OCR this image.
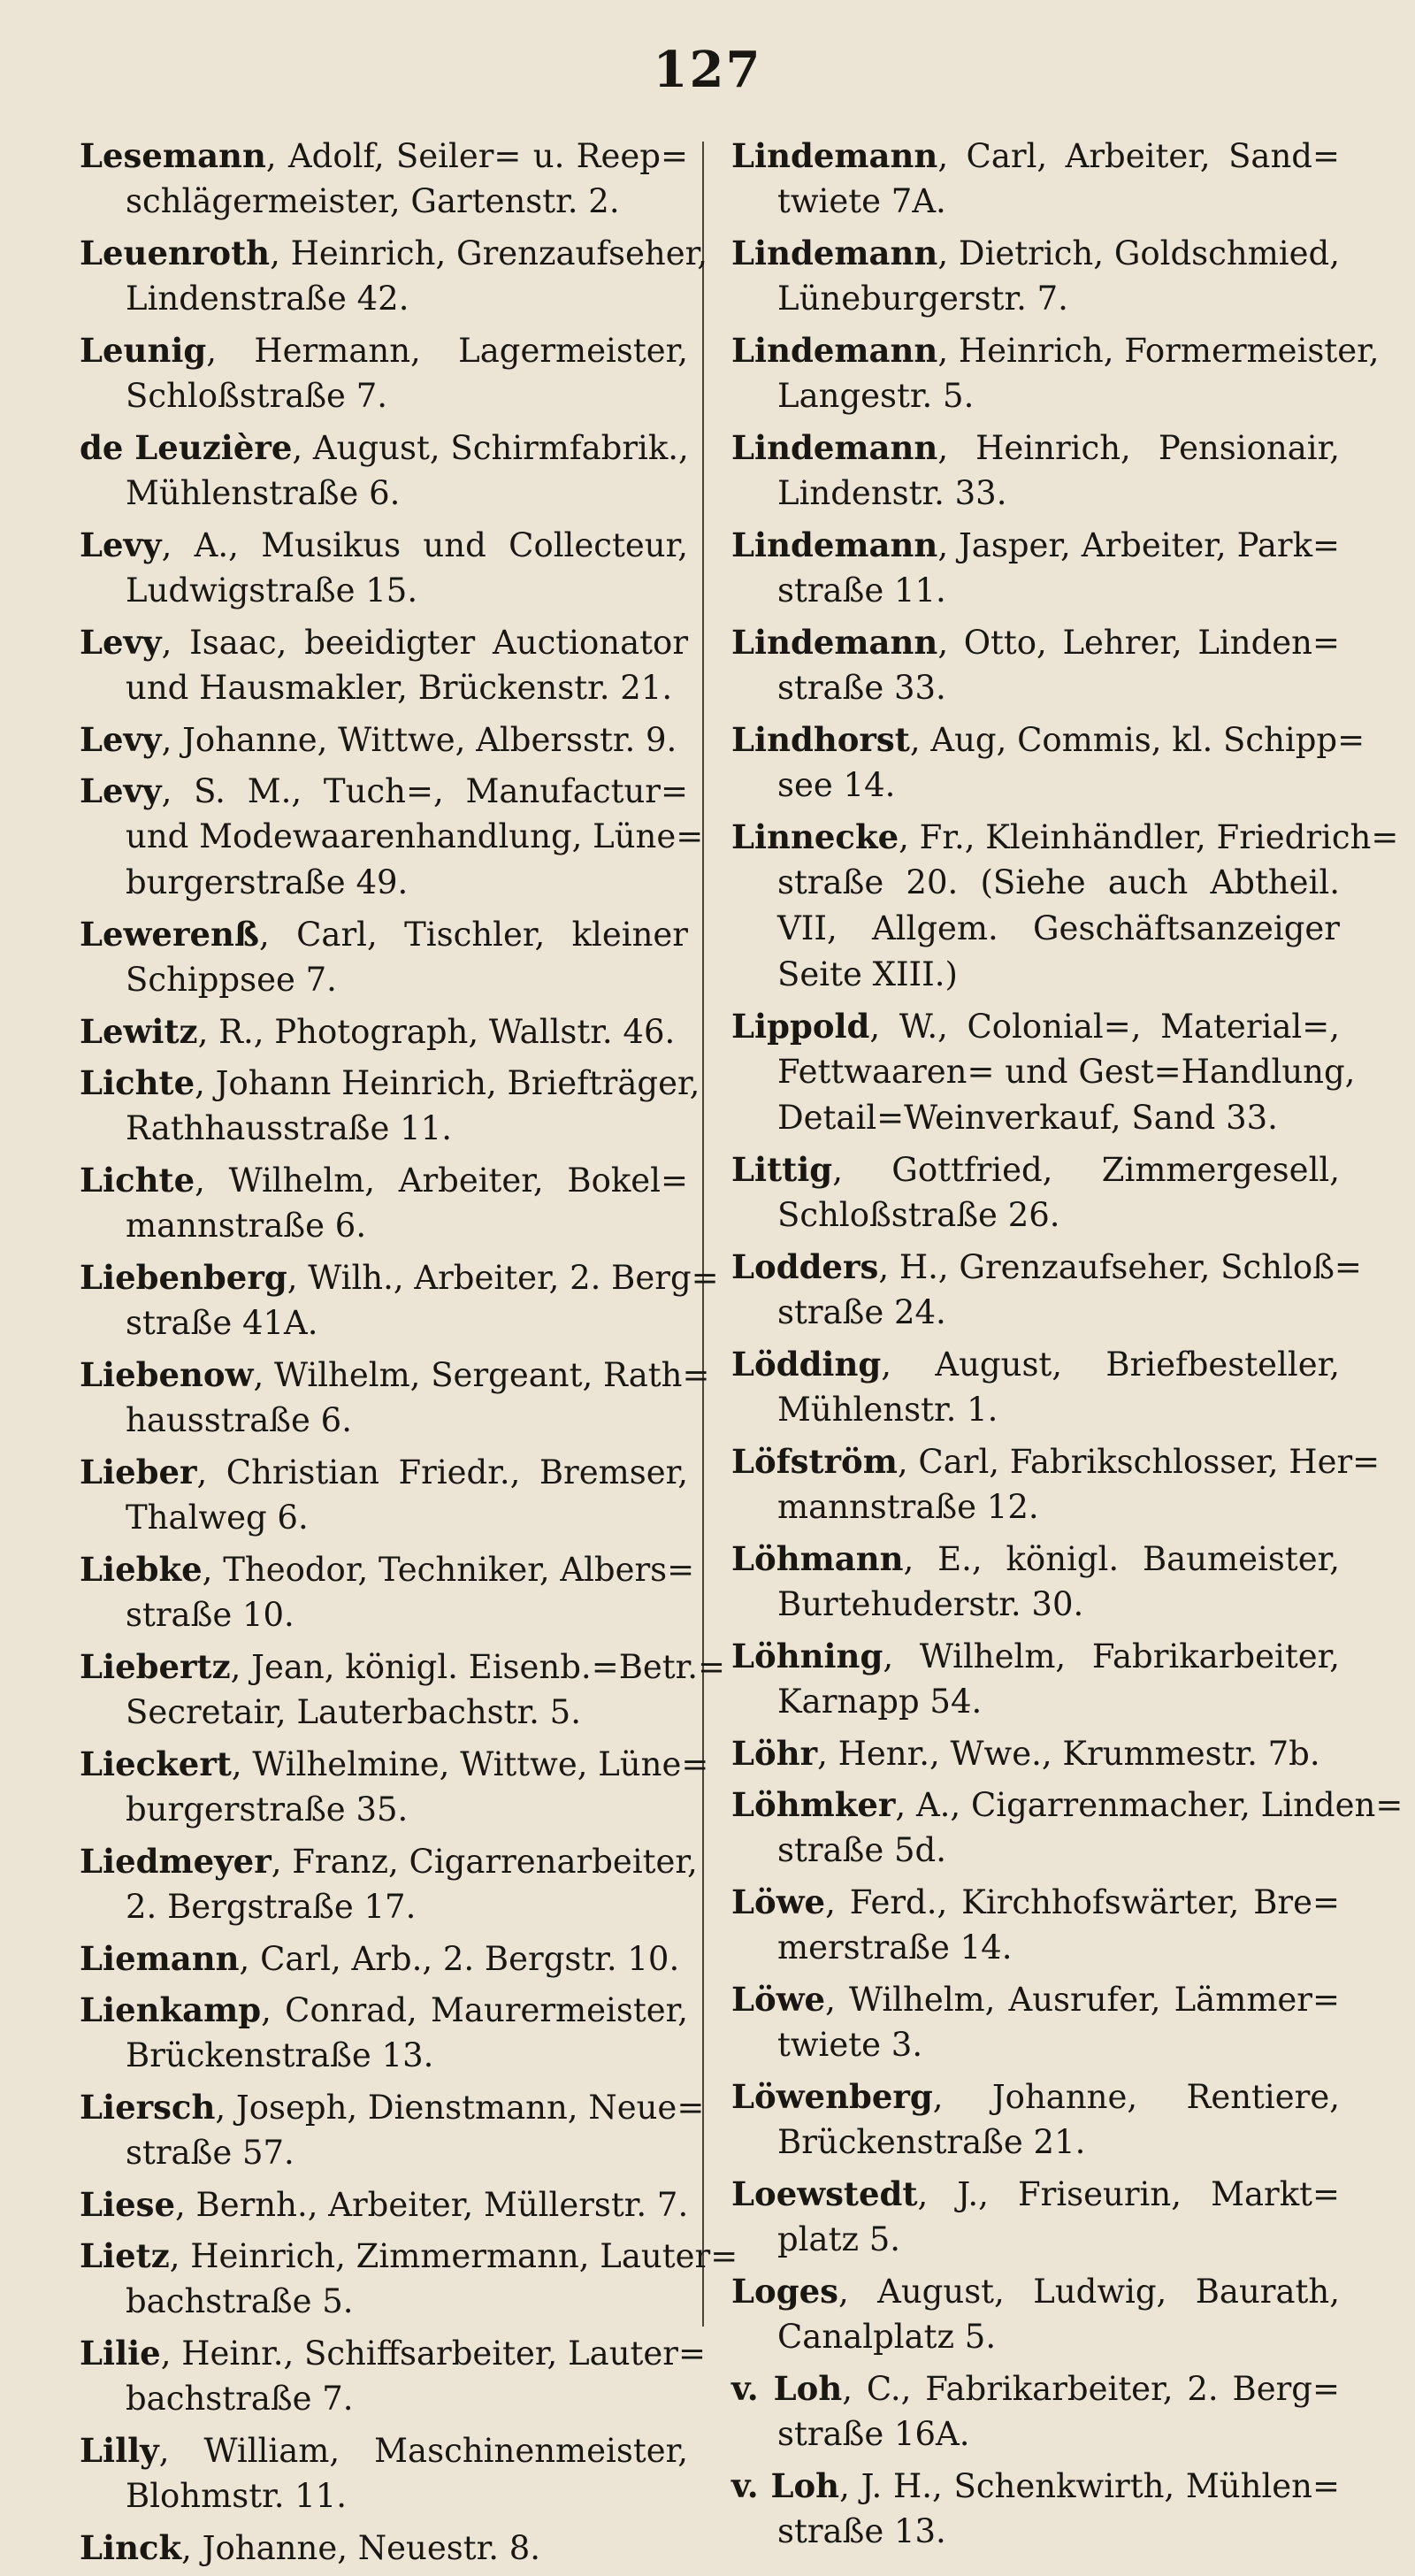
127
Lesemann, Adolf, Seiler= u. Reep=
schlägermeister, Gartenstr. 2.
Leuenroth, Heinrich, Grenzaufseher,
Lindenstraße 42.
Leunig, Hermann, Lagermeister,
Schloßstraße 7.
de Leuzière, August, Schirmfabrik.,
Mühlenstraße 6.
Levy, A., Musikus und Collecteur,
Ludwigstraße 15.
Levy, Isaac, beeidigter Auctionator
und Hausmakler, Brückenstr. 21.
Levy, Johanne, Wittwe, Albersstr. 9.
Levy, S. M., Tuch=, Manufactur=
und Modewaarenhandlung, Lüne=
burgerstraße 49.
Lewerenß, Carl, Tischler, kleiner
Schippsee 7.
Lewitz, R., Photograph, Wallstr. 46.
Lichte, Johann Heinrich, Briefträger,
Rathhausstraße 11.
Lichte, Wilhelm, Arbeiter, Bokel=
mannstraße 6.
Liebenberg, Wilh., Arbeiter, 2. Berg=
straße 41A.
Liebenow, Wilhelm, Sergeant, Rath=
hausstraße 6.
Lieber, Christian Friedr., Bremser,
Thalweg 6.
Liebke, Theodor, Techniker, Albers=
straße 10.
Liebertz, Jean, königl. Eisenb.=Betr.=
Secretair, Lauterbachstr. 5.
Lieckert, Wilhelmine, Wittwe, Lüne=
burgerstraße 35.
Liedmeyer, Franz, Cigarrenarbeiter,
2. Bergstraße 17.
Liemann, Carl, Arb., 2. Bergstr. 10.
Lienkamp, Conrad, Maurermeister,
Brückenstraße 13.
Liersch, Joseph, Dienstmann, Neue=
straße 57.
Liese, Bernh., Arbeiter, Müllerstr. 7.
Lietz, Heinrich, Zimmermann, Lauter=
bachstraße 5.
Lilie, Heinr., Schiffsarbeiter, Lauter=
bachstraße 7.
Lilly, William, Maschinenmeister,
Blohmstr. 11.
Linck, Johanne, Neuestr. 8.
Lindemann, Carl, Arbeiter, Sand=
twiete 7A.
Lindemann, Dietrich, Goldschmied,
Lüneburgerstr. 7.
Lindemann, Heinrich, Formermeister,
Langestr. 5.
Lindemann, Heinrich, Pensionair,
Lindenstr. 33.
Lindemann, Jasper, Arbeiter, Park=
straße 11.
Lindemann, Otto, Lehrer, Linden=
straße 33.
Lindhorst, Aug, Commis, kl. Schipp=
see 14.
Linnecke, Fr., Kleinhändler, Friedrich=
straße 20. (Siehe auch Abtheil.
VII, Allgem. Geschäftsanzeiger
Seite XIII.)
Lippold, W., Colonial=, Material=,
Fettwaaren= und Gest=Handlung,
Detail=Weinverkauf, Sand 33.
Littig, Gottfried, Zimmergesell,
Schloßstraße 26.
Lodders, H., Grenzaufseher, Schloß=
straße 24.
Lödding, August, Briefbesteller,
Mühlenstr. 1.
Löfström, Carl, Fabrikschlosser, Her=
mannstraße 12.
Löhmann, E., königl. Baumeister,
Burtehuderstr. 30.
Löhning, Wilhelm, Fabrikarbeiter,
Karnapp 54.
Löhr, Henr., Wwe., Krummestr. 7b.
Löhmker, A., Cigarrenmacher, Linden=
straße 5d.
Löwe, Ferd., Kirchhofswärter, Bre=
merstraße 14.
Löwe, Wilhelm, Ausrufer, Lämmer=
twiete 3.
Löwenberg, Johanne, Rentiere,
Brückenstraße 21.
Loewstedt, J., Friseurin, Markt=
platz 5.
Loges, August, Ludwig, Baurath,
Canalplatz 5.
v. Loh, C., Fabrikarbeiter, 2. Berg=
straße 16A.
v. Loh, J. H., Schenkwirth, Mühlen=
straße 13.
